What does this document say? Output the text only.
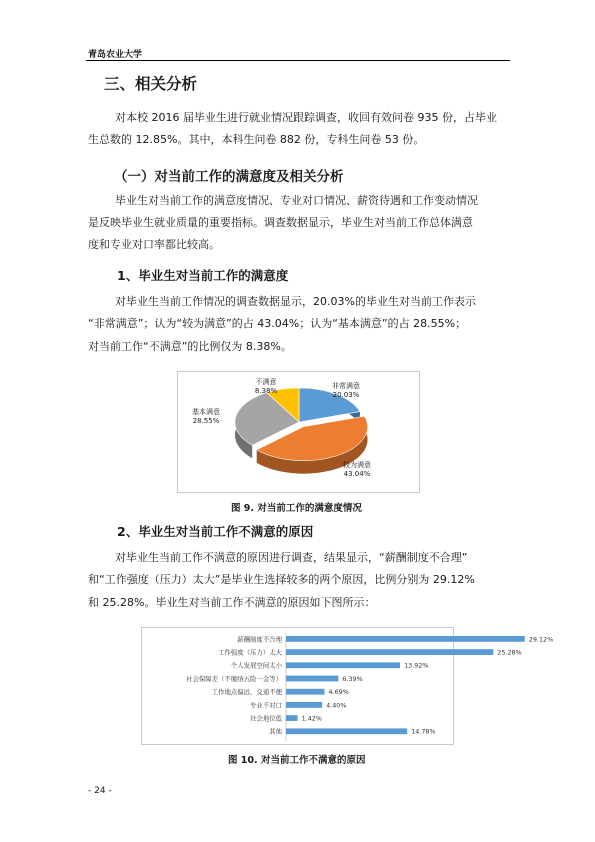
青岛农业大学
三、相关分析
对本校 2016 届毕业生进行就业情况跟踪调查，收回有效问卷 935 份，占毕业
生总数的 12.85%。其中，本科生问卷 882 份，专科生问卷 53 份。
（一）对当前工作的满意度及相关分析
毕业生对当前工作的满意度情况、专业对口情况、薪资待遇和工作变动情况
是反映毕业生就业质量的重要指标。调查数据显示，毕业生对当前工作总体满意
度和专业对口率都比较高。
1、毕业生对当前工作的满意度
对毕业生当前工作情况的调查数据显示，20.03%的毕业生对当前工作表示
“非常满意”；认为“较为满意”的占 43.04%；认为“基本满意”的占 28.55%；
对当前工作“不满意”的比例仅为 8.38%。
不满意
8.38%
非常满意
20.03%
基本满意
28.55%
较为满意
43.04%
图 9. 对当前工作的满意度情况
2、毕业生对当前工作不满意的原因
对毕业生当前工作不满意的原因进行调查，结果显示，“薪酬制度不合理”
和“工作强度（压力）太大”是毕业生选择较多的两个原因，比例分别为 29.12%
和 25.28%。毕业生对当前工作不满意的原因如下图所示：
薪酬制度不合理	29.12%
工作强度（压力）太大	25.28%
个人发展空间太小	13.92%
社会保障差（不缴纳五险一金等）	6.39%
工作地点偏远，交通不便	4.69%
专业不对口	4.40%
社会地位低	1.42%
其他	14.78%
图 10. 对当前工作不满意的原因
- 24 -
